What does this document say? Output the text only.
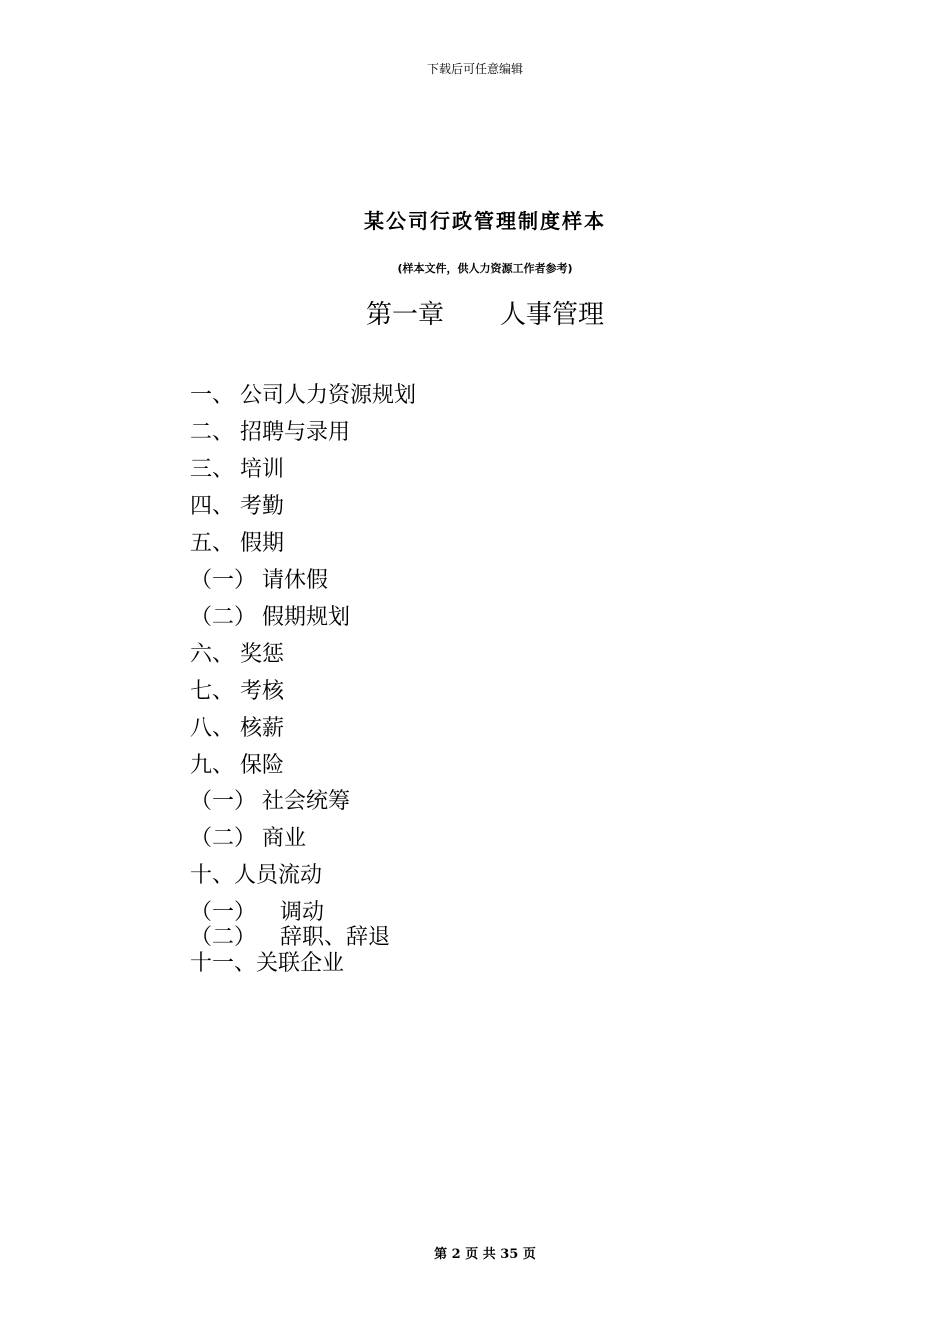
下载后可任意编辑
某公司行政管理制度样本
(样本文件，供人力资源工作者参考)
第一章 人事管理
一、 公司人力资源规划
二、 招聘与录用
三、 培训
四、 考勤
五、 假期
（一） 请休假
（二） 假期规划
六、 奖惩
七、 考核
八、 核薪
九、 保险
（一） 社会统筹
（二） 商业
十、人员流动
（一） 调动
（二） 辞职、辞退
十一、关联企业
第 2 页 共 35 页
